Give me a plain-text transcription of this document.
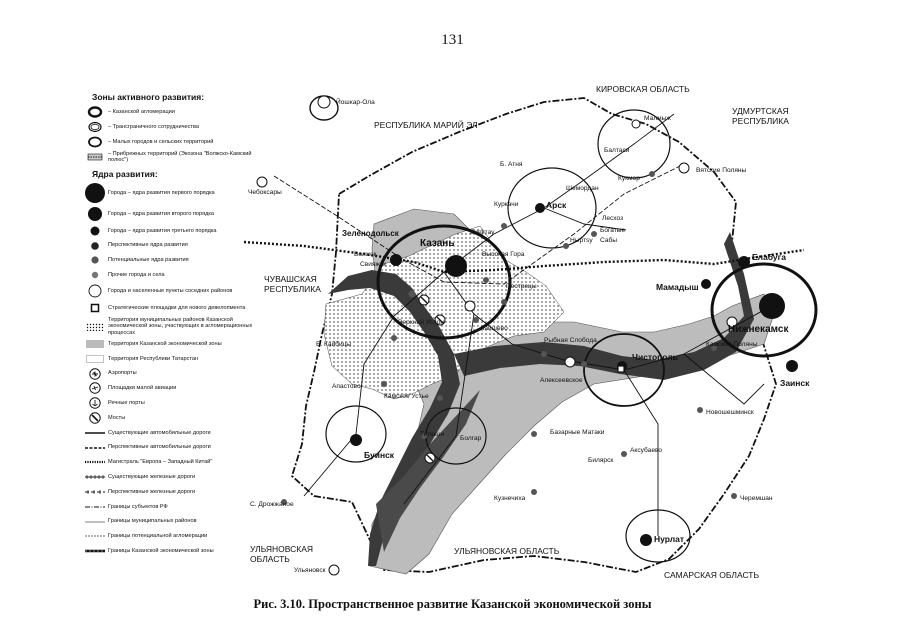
131
Зоны активного развития:
– Казанской агломерации
– Трансграничного сотрудничества
– Малых городов и сельских территорий
– Прибрежных территорий (Экозона "Волжско-Камский полюс")
Ядра развития:
Города – ядра развития первого порядка
Города – ядра развития второго порядка
Города – ядра развития третьего порядка
Перспективные ядра развития
Потенциальные ядра развития
Прочие города и села
Города и населенные пункты соседних районов
Стратегические площадки для нового девелопмента
Территория муниципальных районов Казанской экономической зоны, участвующих в агломерационных процессах
Территория Казанской экономической зоны
Территория Республики Татарстан
Аэропорты
Площадки малой авиации
Речные порты
Мосты
Существующие автомобильные дороги
Перспективные автомобильные дороги
Магистраль "Европа – Западный Китай"
Существующие железные дороги
Перспективные железные дороги
Границы субъектов РФ
Границы муниципальных районов
Границы потенциальной агломерации
Границы Казанской экономической зоны
РЕСПУБЛИКА МАРИЙ ЭЛ
УДМУРТСКАЯ
РЕСПУБЛИКА
ЧУВАШСКАЯ
РЕСПУБЛИКА
УЛЬЯНОВСКАЯ
ОБЛАСТЬ
УЛЬЯНОВСКАЯ ОБЛАСТЬ
САМАРСКАЯ ОБЛАСТЬ
КИРОВСКАЯ ОБЛАСТЬ
Казань
Нижнекамск
Чистополь
Елабуга
Мамадыш
Арск
Буинск
Нурлат
Заинск
Зеленодольск
Йошкар-Ола
Чебоксары
Волжск
Малмыж
Вятские Поляны
Кукмор
Балтаси
Б. Атня
Шемордан
Куркачи
Лесхоз
Богатые
Сабы
Ныртsy
Б. Кайбицы
Апастово
Камское Устье
Тетюши
Болгар
Базарные Матаки
Билярск
Аксубаево
Новошешминск
Кузнечиха	Черемшан
С. Дрожжаное
Ульяновск
Алексеевское
Камские Поляны
Свияжск
Высокая Гора
Пестрецы
Лаишево
Рыбная Слобода
Верхний Услон
Биектау
Рис. 3.10. Пространственное развитие Казанской экономической зоны
